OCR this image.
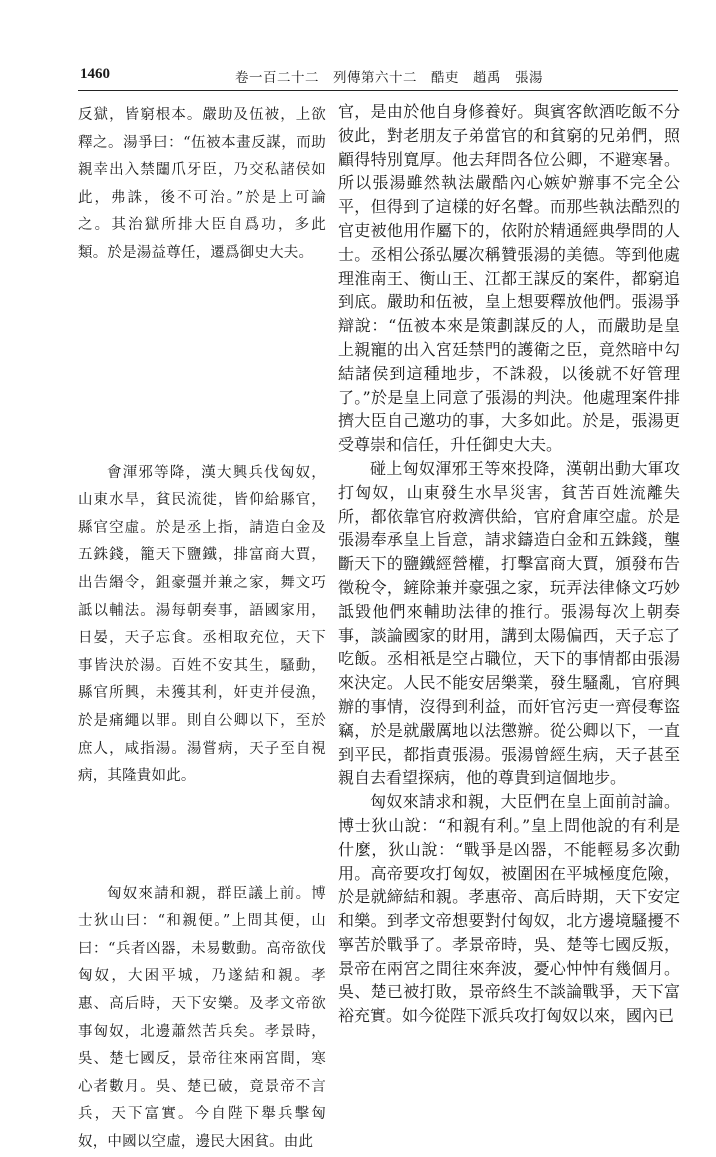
1460	卷一百二十二　列傳第六十二　酷吏　趙禹　張湯

反獄，皆窮根本。嚴助及伍被，上欲釋之。湯爭曰：“伍被本畫反謀，而助親幸出入禁闥爪牙臣，乃交私諸侯如此，弗誅，後不可治。”於是上可論之。其治獄所排大臣自爲功，多此類。於是湯益尊任，遷爲御史大夫。

會渾邪等降，漢大興兵伐匈奴，山東水旱，貧民流徙，皆仰給縣官，縣官空虛。於是丞上指，請造白金及五銖錢，籠天下鹽鐵，排富商大賈，出告緡令，鉏豪彊并兼之家，舞文巧詆以輔法。湯每朝奏事，語國家用，日晏，天子忘食。丞相取充位，天下事皆決於湯。百姓不安其生，騷動，縣官所興，未獲其利，奸吏并侵漁，於是痛繩以罪。則自公卿以下，至於庶人，咸指湯。湯嘗病，天子至自視病，其隆貴如此。

匈奴來請和親，群臣議上前。博士狄山曰：“和親便。”上問其便，山曰：“兵者凶器，未易數動。高帝欲伐匈奴，大困平城，乃遂結和親。孝惠、高后時，天下安樂。及孝文帝欲事匈奴，北邊蕭然苦兵矣。孝景時，吳、楚七國反，景帝往來兩宮間，寒心者數月。吳、楚已破，竟景帝不言兵，天下富實。今自陛下舉兵擊匈奴，中國以空虛，邊民大困貧。由此

官，是由於他自身修養好。與賓客飲酒吃飯不分彼此，對老朋友子弟當官的和貧窮的兄弟們，照顧得特別寬厚。他去拜問各位公卿，不避寒暑。所以張湯雖然執法嚴酷內心嫉妒辦事不完全公平，但得到了這樣的好名聲。而那些執法酷烈的官吏被他用作屬下的，依附於精通經典學問的人士。丞相公孫弘屢次稱贊張湯的美德。等到他處理淮南王、衡山王、江都王謀反的案件，都窮追到底。嚴助和伍被，皇上想要釋放他們。張湯爭辯說：“伍被本來是策劃謀反的人，而嚴助是皇上親寵的出入宮廷禁門的護衛之臣，竟然暗中勾結諸侯到這種地步，不誅殺，以後就不好管理了。”於是皇上同意了張湯的判決。他處理案件排擠大臣自己邀功的事，大多如此。於是，張湯更受尊崇和信任，升任御史大夫。

碰上匈奴渾邪王等來投降，漢朝出動大軍攻打匈奴，山東發生水旱災害，貧苦百姓流離失所，都依靠官府救濟供給，官府倉庫空虛。於是張湯奉承皇上旨意，請求鑄造白金和五銖錢，壟斷天下的鹽鐵經營權，打擊富商大賈，頒發布告徵稅令，鏟除兼并豪强之家，玩弄法律條文巧妙詆毀他們來輔助法律的推行。張湯每次上朝奏事，談論國家的財用，講到太陽偏西，天子忘了吃飯。丞相衹是空占職位，天下的事情都由張湯來決定。人民不能安居樂業，發生騷亂，官府興辦的事情，沒得到利益，而奸官污吏一齊侵奪盜竊，於是就嚴厲地以法懲辦。從公卿以下，一直到平民，都指責張湯。張湯曾經生病，天子甚至親自去看望探病，他的尊貴到這個地步。

匈奴來請求和親，大臣們在皇上面前討論。博士狄山說：“和親有利。”皇上問他說的有利是什麼，狄山說：“戰爭是凶器，不能輕易多次動用。高帝要攻打匈奴，被圍困在平城極度危險，於是就締結和親。孝惠帝、高后時期，天下安定和樂。到孝文帝想要對付匈奴，北方邊境騷擾不寧苦於戰爭了。孝景帝時，吳、楚等七國反叛，景帝在兩宮之間往來奔波，憂心忡忡有幾個月。吳、楚已被打敗，景帝終生不談論戰爭，天下富裕充實。如今從陛下派兵攻打匈奴以來，國內已
